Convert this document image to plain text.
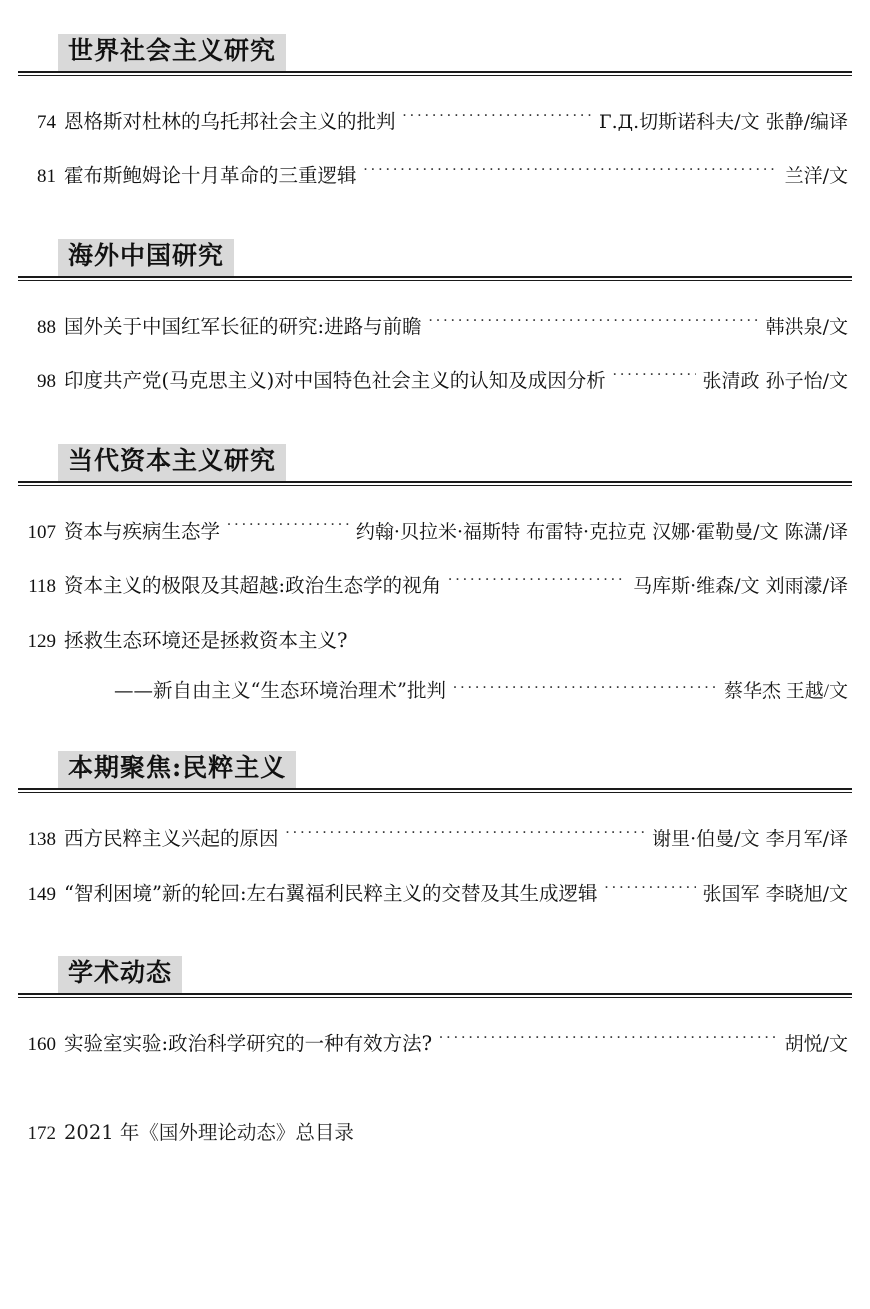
世界社会主义研究
74 恩格斯对杜林的乌托邦社会主义的批判 .....	Г.Д.切斯诺科夫/文 张静/编译
81 霍布斯鲍姆论十月革命的三重逻辑 .....	兰洋/文
海外中国研究
88 国外关于中国红军长征的研究:进路与前瞻 .....	韩洪泉/文
98 印度共产党(马克思主义)对中国特色社会主义的认知及成因分析 .....	张清政 孙子怡/文
当代资本主义研究
107 资本与疾病生态学 .....	约翰·贝拉米·福斯特 布雷特·克拉克 汉娜·霍勒曼/文 陈潇/译
118 资本主义的极限及其超越:政治生态学的视角 .....	马库斯·维森/文 刘雨濛/译
129 拯救生态环境还是拯救资本主义?
——新自由主义“生态环境治理术”批判 .....	蔡华杰 王越/文
本期聚焦:民粹主义
138 西方民粹主义兴起的原因 .....	谢里·伯曼/文 李月军/译
149 “智利困境”新的轮回:左右翼福利民粹主义的交替及其生成逻辑 .....	张国军 李晓旭/文
学术动态
160 实验室实验:政治科学研究的一种有效方法? .....	胡悦/文
172 2021 年《国外理论动态》总目录
